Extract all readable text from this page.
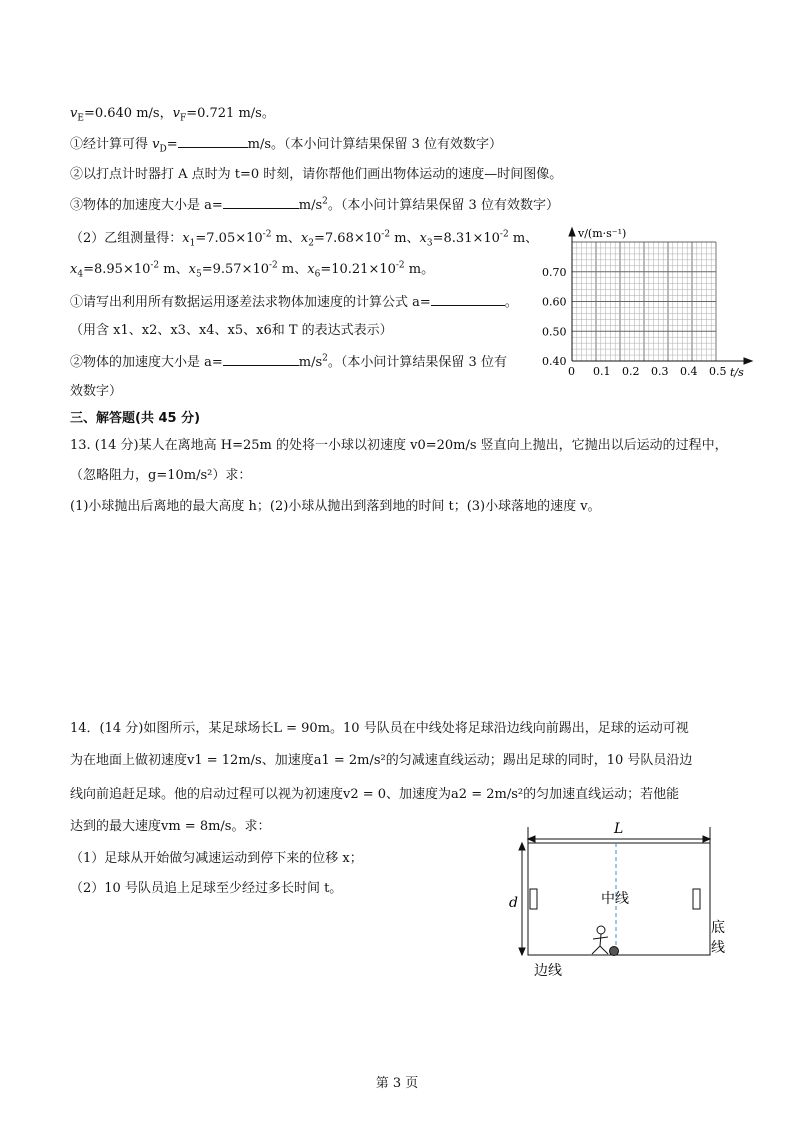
$v_E=0.640$ m/s，$v_F=0.721$ m/s。
①经计算可得 $v_D=$	m/s。（本小问计算结果保留 3 位有效数字）
②以打点计时器打 A 点时为 t=0 时刻，请你帮他们画出物体运动的速度—时间图像。
③物体的加速度大小是 a=	$m/s^2$。（本小问计算结果保留 3 位有效数字）
（2）乙组测量得：$x_1=7.05\times 10^{-2}$ m、$x_2=7.68\times 10^{-2}$ m、$x_3=8.31\times 10^{-2}$ m、
$x_4=8.95\times 10^{-2}$ m、$x_5=9.57\times 10^{-2}$ m、$x_6=10.21\times 10^{-2}$ m。
①请写出利用所有数据运用逐差法求物体加速度的计算公式 a=	。
（用含 x1、x2、x3、x4、x5、x6和 T 的表达式表示）
②物体的加速度大小是 a=	$m/s^2$。（本小问计算结果保留 3 位有
效数字）
v/(m·s⁻¹)
t/s
0.40
0.50
0.60
0.70
0 0.1 0.2 0.3 0.4 0.5
三、解答题(共 45 分)
13. (14 分)某人在离地高 H=25m 的处将一小球以初速度 v0=20m/s 竖直向上抛出，它抛出以后运动的过程中，
（忽略阻力，g=10m/s²）求：
(1)小球抛出后离地的最大高度 h；(2)小球从抛出到落到地的时间 t；(3)小球落地的速度 v。
14．(14 分)如图所示，某足球场长L = 90m。10 号队员在中线处将足球沿边线向前踢出，足球的运动可视
为在地面上做初速度v1 = 12m/s、加速度a1 = 2m/s²的匀减速直线运动；踢出足球的同时，10 号队员沿边
线向前追赶足球。他的启动过程可以视为初速度v2 = 0、加速度为a2 = 2m/s²的匀加速直线运动；若他能
达到的最大速度vm = 8m/s。求：
（1）足球从开始做匀减速运动到停下来的位移 x；
（2）10 号队员追上足球至少经过多长时间 t。
L
d	中线
底
线
边线
第 3 页
